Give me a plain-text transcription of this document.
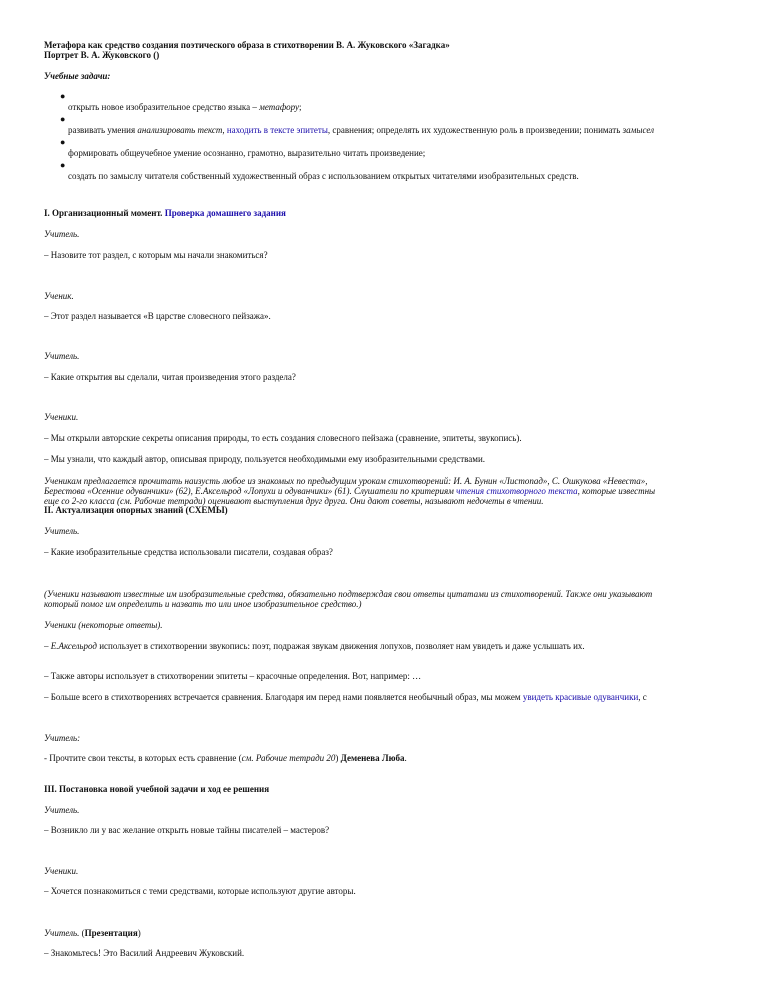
Метафора как средство создания поэтического образа в стихотворении В. А. Жуковского «Загадка»
Портрет В. А. Жуковского ()
Учебные задачи:
●
открыть новое изобразительное средство языка – метафору;
●
развивать умения анализировать текст, находить в тексте эпитеты, сравнения; определять их художественную роль в произведении; понимать замысел
●
формировать общеучебное умение осознанно, грамотно, выразительно читать произведение;
●
создать по замыслу читателя собственный художественный образ с использованием открытых читателями изобразительных средств.
I. Организационный момент. Проверка домашнего задания
Учитель.
– Назовите тот раздел, с которым мы начали знакомиться?
Ученик.
– Этот раздел называется «В царстве словесного пейзажа».
Учитель.
– Какие открытия вы сделали, читая произведения этого раздела?
Ученики.
– Мы открыли авторские секреты описания природы, то есть создания словесного пейзажа (сравнение, эпитеты, звукопись).
– Мы узнали, что каждый автор, описывая природу, пользуется необходимыми ему изобразительными средствами.
Ученикам предлагается прочитать наизусть любое из знакомых по предыдущим урокам стихотворений: И. А. Бунин «Листопад», С. Ошкукова «Невеста»,
Берестова «Осенние одуванчики» (62), Е.Аксельрод «Лопухи и одуванчики» (61). Слушатели по критериям чтения стихотворного текста, которые известны
еще со 2-го класса (см. Рабочие тетради) оценивают выступления друг друга. Они дают советы, называют недочеты в чтении.
II. Актуализация опорных знаний (СХЕМЫ)
Учитель.
– Какие изобразительные средства использовали писатели, создавая образ?
(Ученики называют известные им изобразительные средства, обязательно подтверждая свои ответы цитатами из стихотворений. Также они указывают
который помог им определить и назвать то или иное изобразительное средство.)
Ученики (некоторые ответы).
– Е.Аксельрод использует в стихотворении звукопись: поэт, подражая звукам движения лопухов, позволяет нам увидеть и даже услышать их.
– Также авторы использует в стихотворении эпитеты – красочные определения. Вот, например: …
– Больше всего в стихотворениях встречается сравнения. Благодаря им перед нами появляется необычный образ, мы можем увидеть красивые одуванчики, с
Учитель:
- Прочтите свои тексты, в которых есть сравнение (см. Рабочие тетради 20) Деменева Люба.
III. Постановка новой учебной задачи и ход ее решения
Учитель.
– Возникло ли у вас желание открыть новые тайны писателей – мастеров?
Ученики.
– Хочется познакомиться с теми средствами, которые используют другие авторы.
Учитель. (Презентация)
– Знакомьтесь! Это Василий Андреевич Жуковский.
